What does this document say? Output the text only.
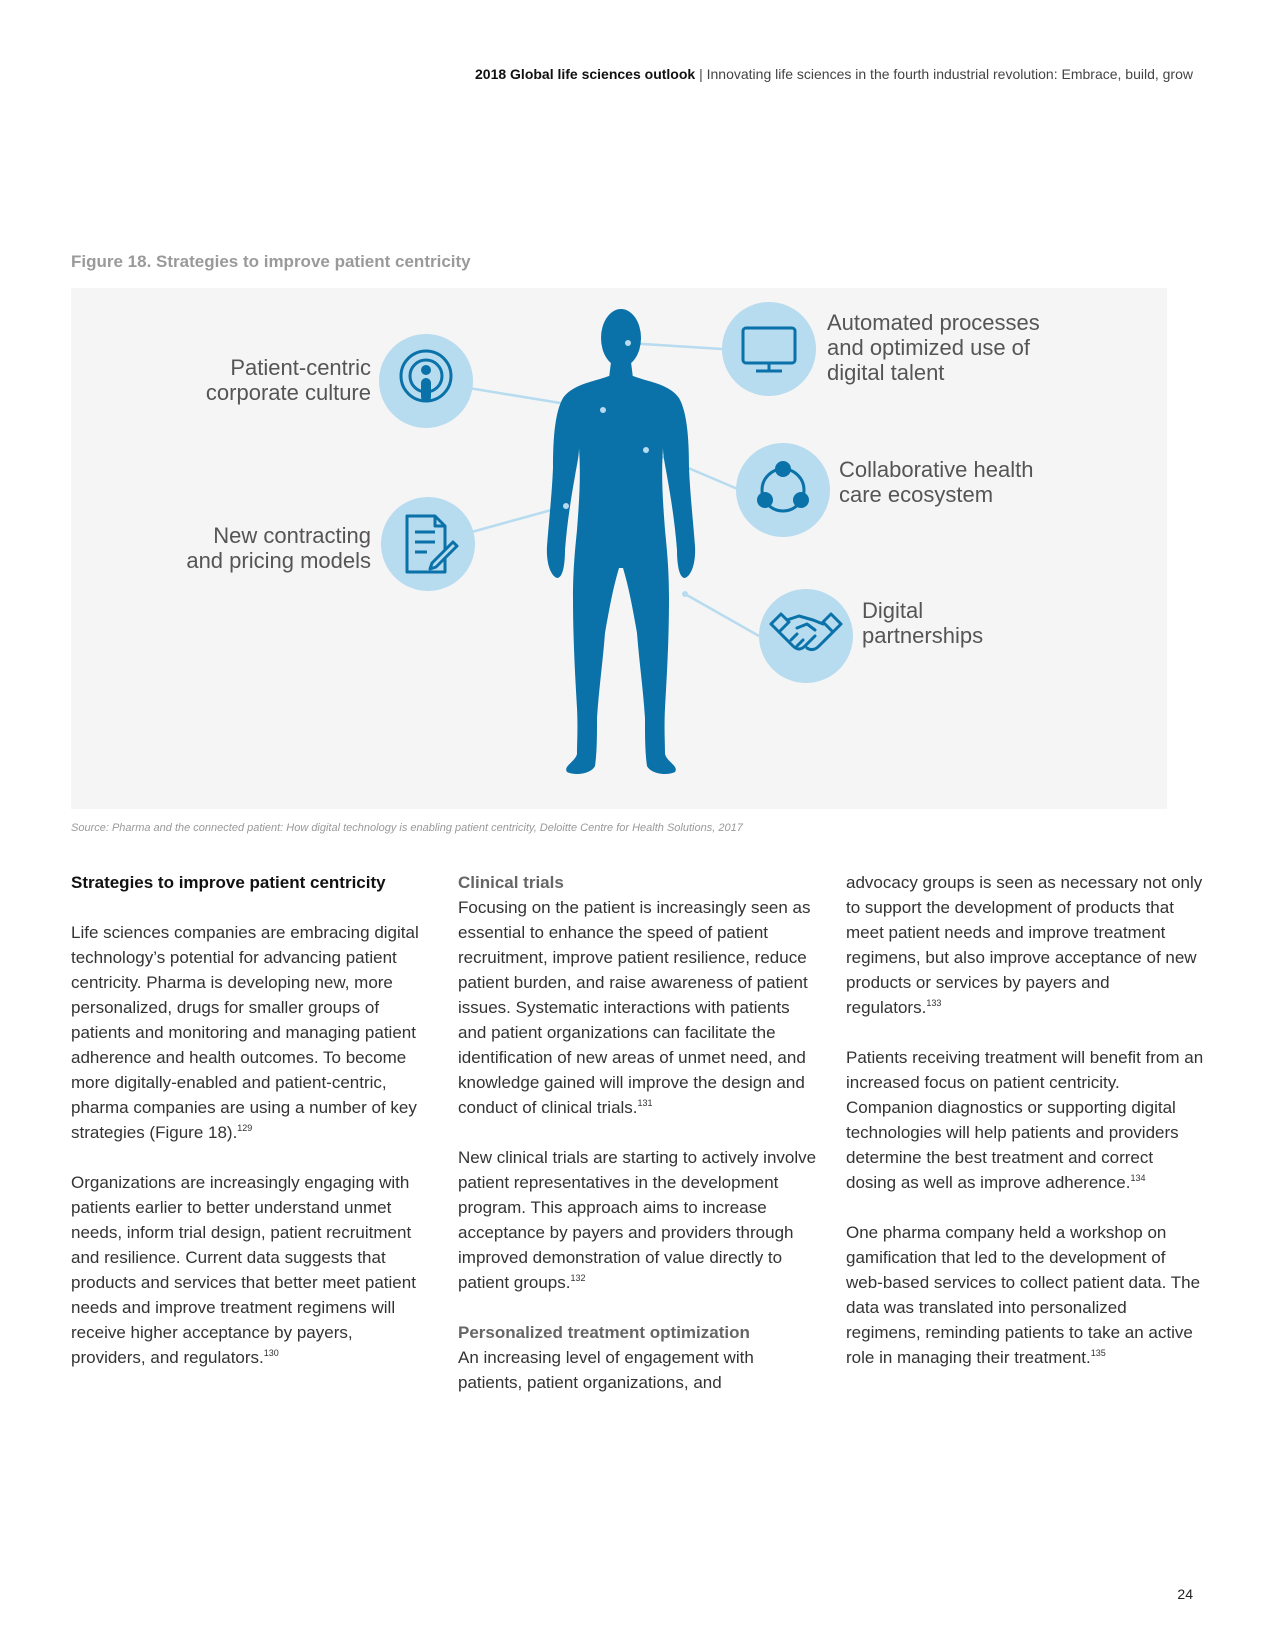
2018 Global life sciences outlook | Innovating life sciences in the fourth industrial revolution: Embrace, build, grow
Figure 18. Strategies to improve patient centricity
Patient-centric
corporate culture
New contracting
and pricing models
Automated processes
and optimized use of
digital talent
Collaborative health
care ecosystem
Digital
partnerships
Source: Pharma and the connected patient: How digital technology is enabling patient centricity, Deloitte Centre for Health Solutions, 2017
Strategies to improve patient centricity

Life sciences companies are embracing digital technology’s potential for advancing patient centricity. Pharma is developing new, more personalized, drugs for smaller groups of patients and monitoring and managing patient adherence and health outcomes. To become more digitally-enabled and patient-centric, pharma companies are using a number of key strategies (Figure 18).$^{129}$

Organizations are increasingly engaging with patients earlier to better understand unmet needs, inform trial design, patient recruitment and resilience. Current data suggests that products and services that better meet patient needs and improve treatment regimens will receive higher acceptance by payers, providers, and regulators.$^{130}$

Clinical trials

Focusing on the patient is increasingly seen as essential to enhance the speed of patient recruitment, improve patient resilience, reduce patient burden, and raise awareness of patient issues. Systematic interactions with patients and patient organizations can facilitate the identification of new areas of unmet need, and knowledge gained will improve the design and conduct of clinical trials.$^{131}$

New clinical trials are starting to actively involve patient representatives in the development program. This approach aims to increase acceptance by payers and providers through improved demonstration of value directly to patient groups.$^{132}$

Personalized treatment optimization

An increasing level of engagement with patients, patient organizations, and

advocacy groups is seen as necessary not only to support the development of products that meet patient needs and improve treatment regimens, but also improve acceptance of new products or services by payers and regulators.$^{133}$

Patients receiving treatment will benefit from an increased focus on patient centricity. Companion diagnostics or supporting digital technologies will help patients and providers determine the best treatment and correct dosing as well as improve adherence.$^{134}$

One pharma company held a workshop on gamification that led to the development of web-based services to collect patient data. The data was translated into personalized regimens, reminding patients to take an active role in managing their treatment.$^{135}$

24
